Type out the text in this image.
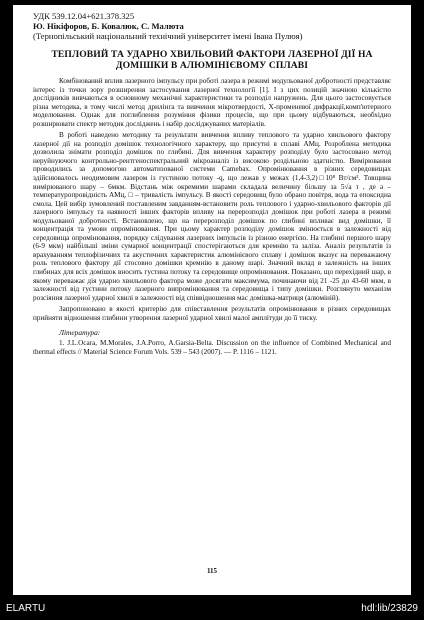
УДК 539.12.04+621.378.325

Ю. Нікіфоров, Б. Ковалюк, С. Малюта

(Тернопільський національний технічний університет імені Івана Пулюя)

ТЕПЛОВИЙ ТА УДАРНО ХВИЛЬОВИЙ ФАКТОРИ ЛАЗЕРНОЇ ДІЇ НА ДОМІШКИ В АЛЮМІНІЄВОМУ СПЛАВІ

Комбінований вплив лазерного імпульсу при роботі лазера в режимі модульованої добротності представляє інтерес із точки зору розширення застосування лазерної технології [1]. І з цих позицій значною кількістю дослідників вивчаються в основному механічні характеристики та розподіл напружень. Для цього застосовується різна методика, в тому числі метод дрилінга та вивчення мікротвердості, Х-променевої дифракції,комп'ютерного моделювання. Однак для поглиблення розуміння фізики процесів, що при цьому відбуваються, необхідно розширювати спектр методик досліджень і набір досліджуваних матеріалів.

В роботі наведено методику та результати вивчення впливу теплового та ударно хвильового фактору лазерної дії на розподіл домішок технологічного характеру, що присутні в сплаві АМц. Розроблена методика дозволила знімати розподіл домішок по глибині. Для вивчення характеру розподілу було застосовано метод неруйнуючого контрольно-рентгеноспектральний мікроаналіз із високою роздільною здатністю. Вимірювання проводились за допомогою автоматизованої системи Camebax. Опромінювання в різних середовищах здійснювалось неодимовим лазером із густиною потоку -q, що лежав у межах (1,4-3,2)□10⁸ Вт/см². Товщина вимірюваного шару – 6мкм. Відстань між окремими шарами складала величину більшу за 5√a τ , де а – температуропровідність АМц, □ – тривалість імпульсу. В якості середовищ було обрано повітря, вода та епоксидна смола. Цей вибір зумовлений поставленим завданням-встановити роль теплового і ударно-хвильового факторів дії лазерного імпульсу та наявності інших факторів впливу на перерозподіл домішок при роботі лазера в режимі модульованої добротності. Встановлено, що на перерозподіл домішок по глибині впливає вид домішки, її концентрація та умови опромінювання. При цьому характер розподілу домішок змінюється в залежності від середовища опромінювання, порядку слідування лазерних імпульсів із різною енергією. На глибині першого шару (6-9 мкм) найбільші зміни сумарної концентрації спостерігаються для кремнію та заліза. Аналіз результатів із врахуванням теплофізичних та акустичних характеристик алюмінієвого сплаву і домішок вказує на переважаючу роль теплового фактору дії стосовно домішки кремнію в даному шарі. Значний вклад в залежність на інших глибинах для всіх домішок вносить густина потоку та середовище опромінювання. Показано, що перехідний шар, в якому переважає дія ударно хвильового фактора може досягати максимума, починаючи від 21 -25 до 43-60 мкм, в залежності від густини потоку лазерного випромінювання та середовища і типу домішки. Розглянуто механізм розсіяння лазерної ударної хвилі в залежності від співвідношення мас домішка-матриця (алюміній).

Запропоновано в якості критерію для співставлення результатів опромінювання в різних середовищах прийняти відношення глибини утворення лазерної ударної хвилі малої амплітуди до її тиску.

Література:

1. J.L.Ocara, M.Morales, J.A.Porro, A.Garsia-Belta. Discussion on the influence of Combined Mechanical and thermal effects // Material Science Forum Vols. 539 – 543 (2007). — P. 1116 – 1121.

115
ELARTU	hdl:lib/23829
